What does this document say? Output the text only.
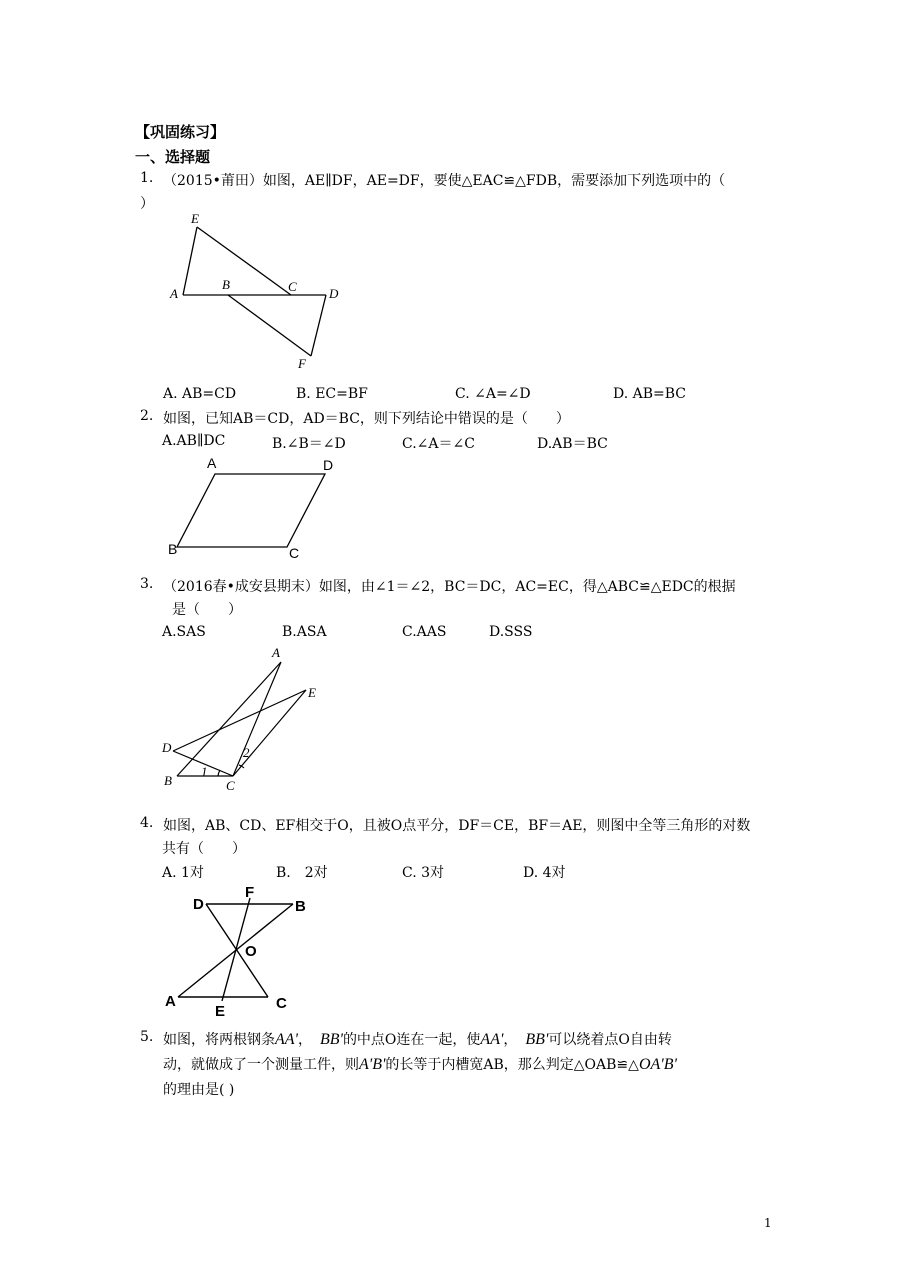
【巩固练习】
一、选择题
1. （2015•莆田）如图，AE∥DF，AE=DF，要使△EAC≌△FDB，需要添加下列选项中的（
）
E
A
B	C D
F
A. AB=CD	B. EC=BF	C. ∠A=∠D	D. AB=BC
2. 如图，已知AB＝CD，AD＝BC，则下列结论中错误的是（　　）
A.AB∥DC	B.∠B＝∠D	C.∠A＝∠C	D.AB＝BC
A	D
B	C
3. （2016春•成安县期末）如图，由∠1＝∠2，BC＝DC，AC=EC，得△ABC≌△EDC的根据
是（　　）
A.SAS	B.ASA	C.AAS	D.SSS
A
E
D
B	C
1
2
4. 如图，AB、CD、EF相交于O，且被O点平分，DF＝CE，BF＝AE，则图中全等三角形的对数
共有（　　）
A. 1对	B.　2对	C. 3对	D. 4对
D
F
B
O
A
E	C
5. 如图，将两根钢条AA'， BB'的中点O连在一起，使AA'， BB'可以绕着点O自由转
动，就做成了一个测量工件，则A'B'的长等于内槽宽AB，那么判定△OAB≌△OA'B'
的理由是( )
1
